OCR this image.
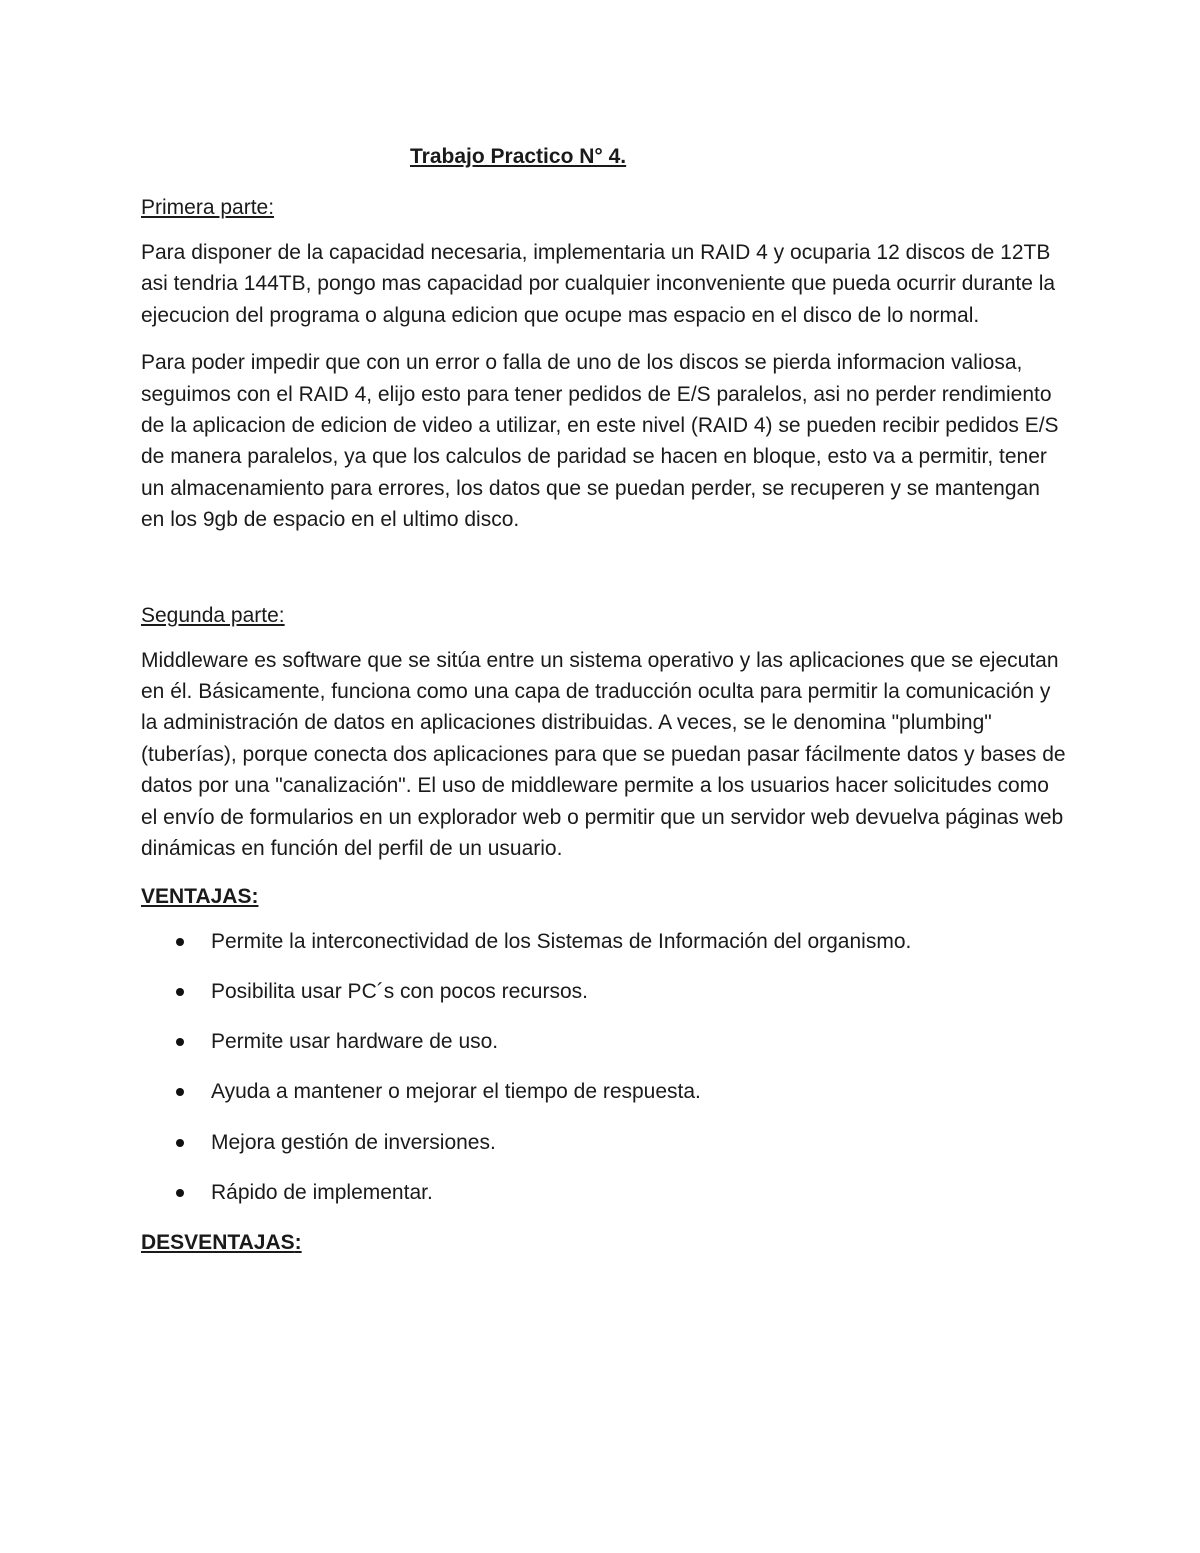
Trabajo Practico N° 4.
Primera parte:

Para disponer de la capacidad necesaria, implementaria un RAID 4 y ocuparia 12 discos de 12TB asi tendria 144TB, pongo mas capacidad por cualquier inconveniente que pueda ocurrir durante la ejecucion del programa o alguna edicion que ocupe mas espacio en el disco de lo normal.

Para poder impedir que con un error o falla de uno de los discos se pierda informacion valiosa, seguimos con el RAID 4, elijo esto para tener pedidos de E/S paralelos, asi no perder rendimiento de la aplicacion de edicion de video a utilizar, en este nivel (RAID 4) se pueden recibir pedidos E/S de manera paralelos, ya que los calculos de paridad se hacen en bloque, esto va a permitir, tener un almacenamiento para errores, los datos que se puedan perder, se recuperen y se mantengan en los 9gb de espacio en el ultimo disco.

Segunda parte:

Middleware es software que se sitúa entre un sistema operativo y las aplicaciones que se ejecutan en él. Básicamente, funciona como una capa de traducción oculta para permitir la comunicación y la administración de datos en aplicaciones distribuidas. A veces, se le denomina "plumbing" (tuberías), porque conecta dos aplicaciones para que se puedan pasar fácilmente datos y bases de datos por una "canalización". El uso de middleware permite a los usuarios hacer solicitudes como el envío de formularios en un explorador web o permitir que un servidor web devuelva páginas web dinámicas en función del perfil de un usuario.

VENTAJAS:
Permite la interconectividad de los Sistemas de Información del organismo.
Posibilita usar PC´s con pocos recursos.
Permite usar hardware de uso.
Ayuda a mantener o mejorar el tiempo de respuesta.
Mejora gestión de inversiones.
Rápido de implementar.
DESVENTAJAS:
